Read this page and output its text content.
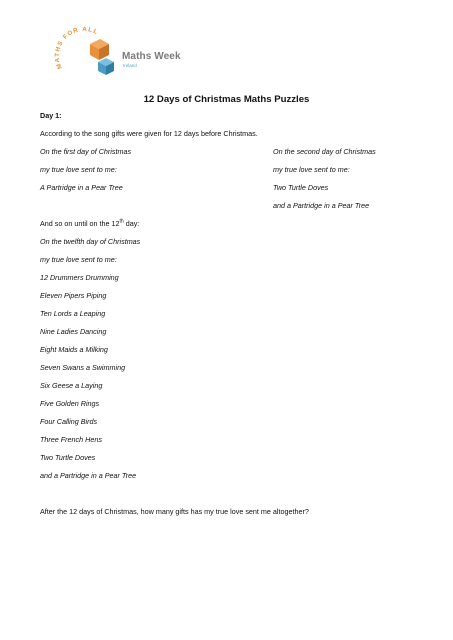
MATHS FOR ALL
Maths Week
Ireland
12 Days of Christmas Maths Puzzles
Day 1:
According to the song gifts were given for 12 days before Christmas.
On the first day of Christmas
my true love sent to me:
A Partridge in a Pear Tree
On the second day of Christmas
my true love sent to me:
Two Turtle Doves
and a Partridge in a Pear Tree
And so on until on the 12th day:
On the twelfth day of Christmas
my true love sent to me:
12 Drummers Drumming
Eleven Pipers Piping
Ten Lords a Leaping
Nine Ladies Dancing
Eight Maids a Milking
Seven Swans a Swimming
Six Geese a Laying
Five Golden Rings
Four Calling Birds
Three French Hens
Two Turtle Doves
and a Partridge in a Pear Tree
After the 12 days of Christmas, how many gifts has my true love sent me altogether?
